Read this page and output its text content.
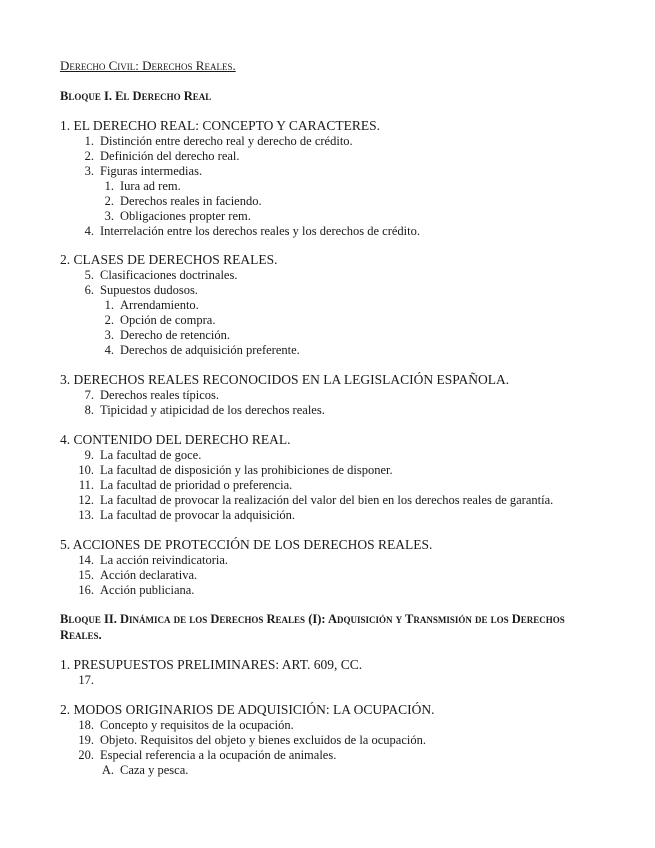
Derecho Civil: Derechos Reales.
Bloque I. El Derecho Real
1. EL DERECHO REAL: CONCEPTO Y CARACTERES.
1. Distinción entre derecho real y derecho de crédito.
2. Definición del derecho real.
3. Figuras intermedias.
1. Iura ad rem.
2. Derechos reales in faciendo.
3. Obligaciones propter rem.
4. Interrelación entre los derechos reales y los derechos de crédito.
2. CLASES DE DERECHOS REALES.
5. Clasificaciones doctrinales.
6. Supuestos dudosos.
1. Arrendamiento.
2. Opción de compra.
3. Derecho de retención.
4. Derechos de adquisición preferente.
3. DERECHOS REALES RECONOCIDOS EN LA LEGISLACIÓN ESPAÑOLA.
7. Derechos reales típicos.
8. Tipicidad y atipicidad de los derechos reales.
4. CONTENIDO DEL DERECHO REAL.
9. La facultad de goce.
10. La facultad de disposición y las prohibiciones de disponer.
11. La facultad de prioridad o preferencia.
12. La facultad de provocar la realización del valor del bien en los derechos reales de garantía.
13. La facultad de provocar la adquisición.
5. ACCIONES DE PROTECCIÓN DE LOS DERECHOS REALES.
14. La acción reivindicatoria.
15. Acción declarativa.
16. Acción publiciana.
Bloque II. Dinámica de los Derechos Reales (I): Adquisición y Transmisión de los Derechos Reales.
1. PRESUPUESTOS PRELIMINARES: ART. 609, CC.
17.
2. MODOS ORIGINARIOS DE ADQUISICIÓN: LA OCUPACIÓN.
18. Concepto y requisitos de la ocupación.
19. Objeto. Requisitos del objeto y bienes excluidos de la ocupación.
20. Especial referencia a la ocupación de animales.
A. Caza y pesca.
